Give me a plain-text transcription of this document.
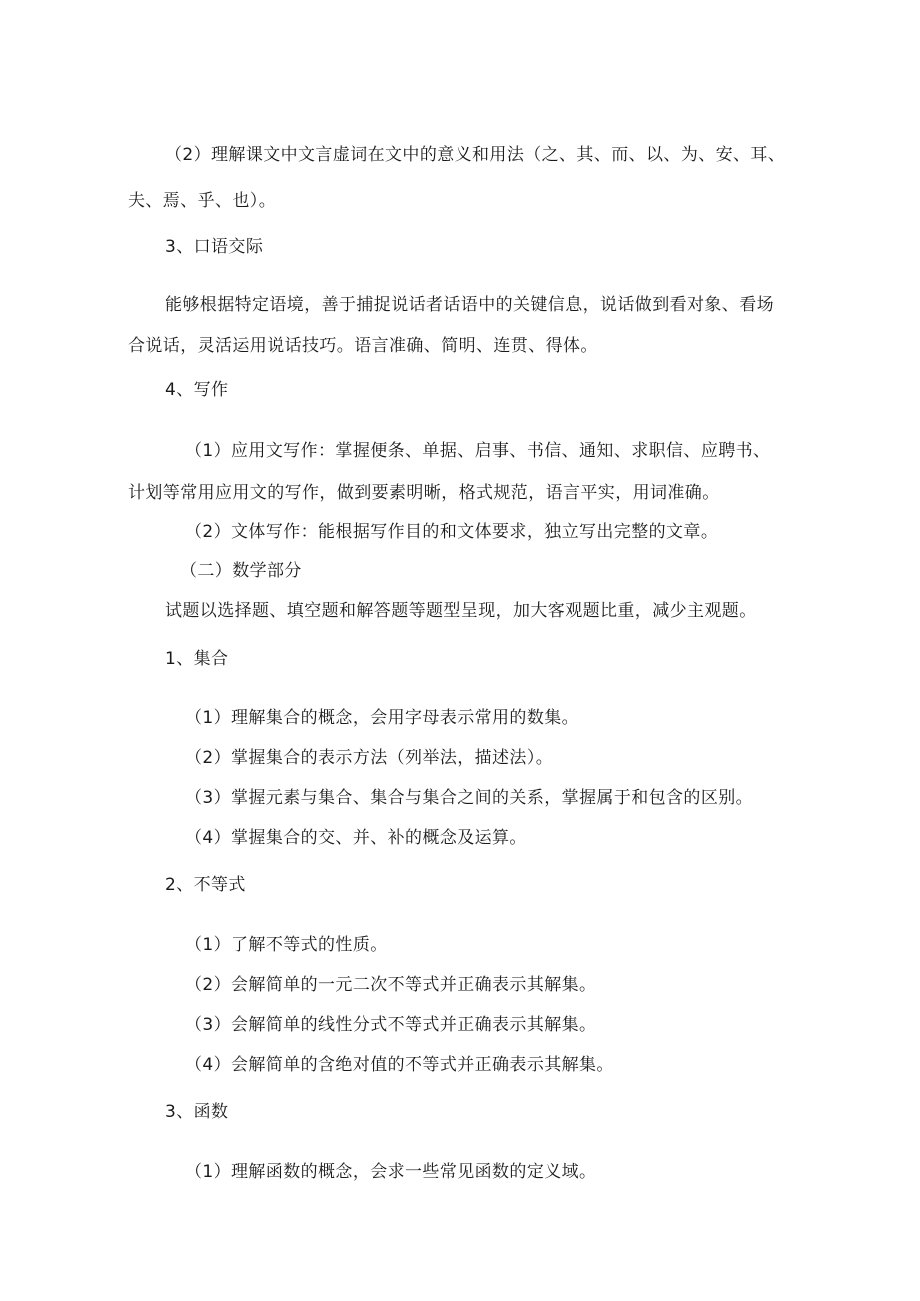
（2）理解课文中文言虚词在文中的意义和用法（之、其、而、以、为、安、耳、
夫、焉、乎、也）。
3、口语交际
能够根据特定语境，善于捕捉说话者话语中的关键信息，说话做到看对象、看场
合说话，灵活运用说话技巧。语言准确、简明、连贯、得体。
4、写作
（1）应用文写作：掌握便条、单据、启事、书信、通知、求职信、应聘书、
计划等常用应用文的写作，做到要素明晰，格式规范，语言平实，用词准确。
（2）文体写作：能根据写作目的和文体要求，独立写出完整的文章。
（二）数学部分
试题以选择题、填空题和解答题等题型呈现，加大客观题比重，减少主观题。
1、集合
（1）理解集合的概念，会用字母表示常用的数集。
（2）掌握集合的表示方法（列举法，描述法）。
（3）掌握元素与集合、集合与集合之间的关系，掌握属于和包含的区别。
（4）掌握集合的交、并、补的概念及运算。
2、不等式
（1）了解不等式的性质。
（2）会解简单的一元二次不等式并正确表示其解集。
（3）会解简单的线性分式不等式并正确表示其解集。
（4）会解简单的含绝对值的不等式并正确表示其解集。
3、函数
（1）理解函数的概念，会求一些常见函数的定义域。
